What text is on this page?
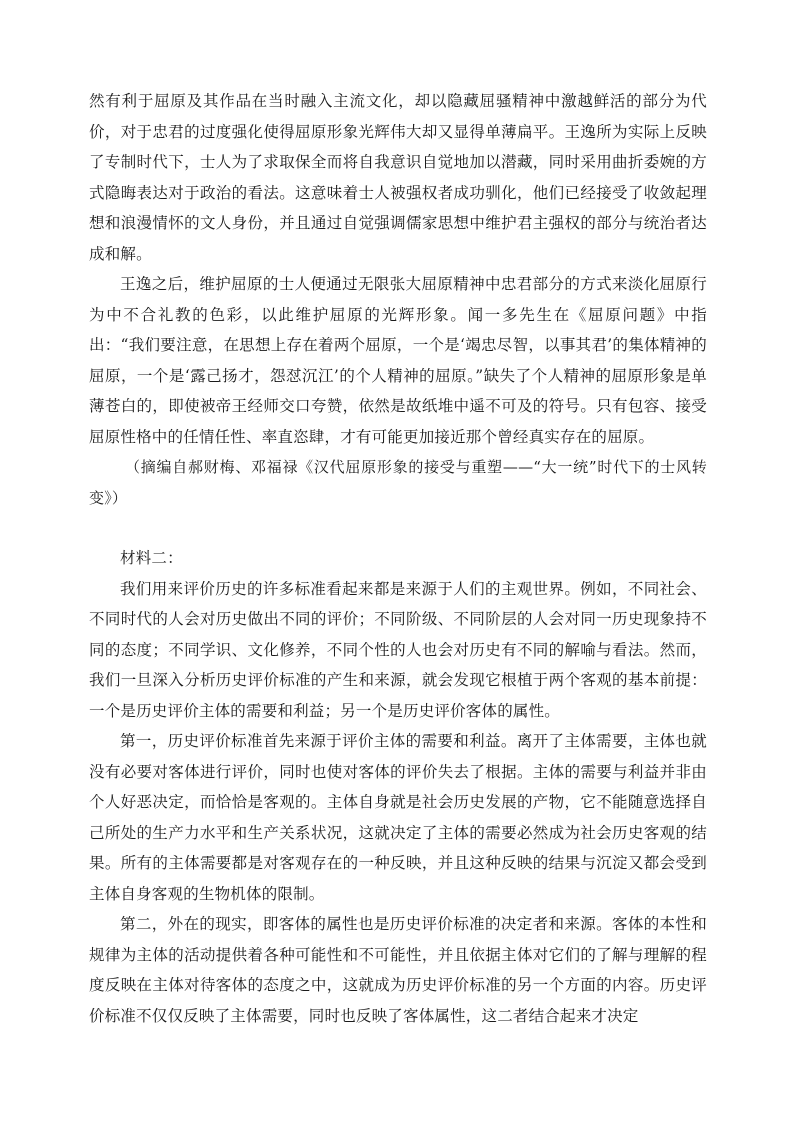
然有利于屈原及其作品在当时融入主流文化，却以隐藏屈骚精神中激越鲜活的部分为代价，对于忠君的过度强化使得屈原形象光辉伟大却又显得单薄扁平。王逸所为实际上反映了专制时代下，士人为了求取保全而将自我意识自觉地加以潜藏，同时采用曲折委婉的方式隐晦表达对于政治的看法。这意味着士人被强权者成功驯化，他们已经接受了收敛起理想和浪漫情怀的文人身份，并且通过自觉强调儒家思想中维护君主强权的部分与统治者达成和解。

王逸之后，维护屈原的士人便通过无限张大屈原精神中忠君部分的方式来淡化屈原行为中不合礼教的色彩，以此维护屈原的光辉形象。闻一多先生在《屈原问题》中指出：“我们要注意，在思想上存在着两个屈原，一个是‘竭忠尽智，以事其君’的集体精神的屈原，一个是‘露己扬才，怨怼沉江’的个人精神的屈原。”缺失了个人精神的屈原形象是单薄苍白的，即使被帝王经师交口夸赞，依然是故纸堆中遥不可及的符号。只有包容、接受屈原性格中的任情任性、率直恣肆，才有可能更加接近那个曾经真实存在的屈原。

（摘编自郝财梅、邓福禄《汉代屈原形象的接受与重塑——“大一统”时代下的士风转变》）

材料二：

我们用来评价历史的许多标准看起来都是来源于人们的主观世界。例如，不同社会、不同时代的人会对历史做出不同的评价；不同阶级、不同阶层的人会对同一历史现象持不同的态度；不同学识、文化修养，不同个性的人也会对历史有不同的解喻与看法。然而，我们一旦深入分析历史评价标准的产生和来源，就会发现它根植于两个客观的基本前提：一个是历史评价主体的需要和利益；另一个是历史评价客体的属性。

第一，历史评价标准首先来源于评价主体的需要和利益。离开了主体需要，主体也就没有必要对客体进行评价，同时也使对客体的评价失去了根据。主体的需要与利益并非由个人好恶决定，而恰恰是客观的。主体自身就是社会历史发展的产物，它不能随意选择自己所处的生产力水平和生产关系状况，这就决定了主体的需要必然成为社会历史客观的结果。所有的主体需要都是对客观存在的一种反映，并且这种反映的结果与沉淀又都会受到主体自身客观的生物机体的限制。

第二，外在的现实，即客体的属性也是历史评价标准的决定者和来源。客体的本性和规律为主体的活动提供着各种可能性和不可能性，并且依据主体对它们的了解与理解的程度反映在主体对待客体的态度之中，这就成为历史评价标准的另一个方面的内容。历史评价标准不仅仅反映了主体需要，同时也反映了客体属性，这二者结合起来才决定
